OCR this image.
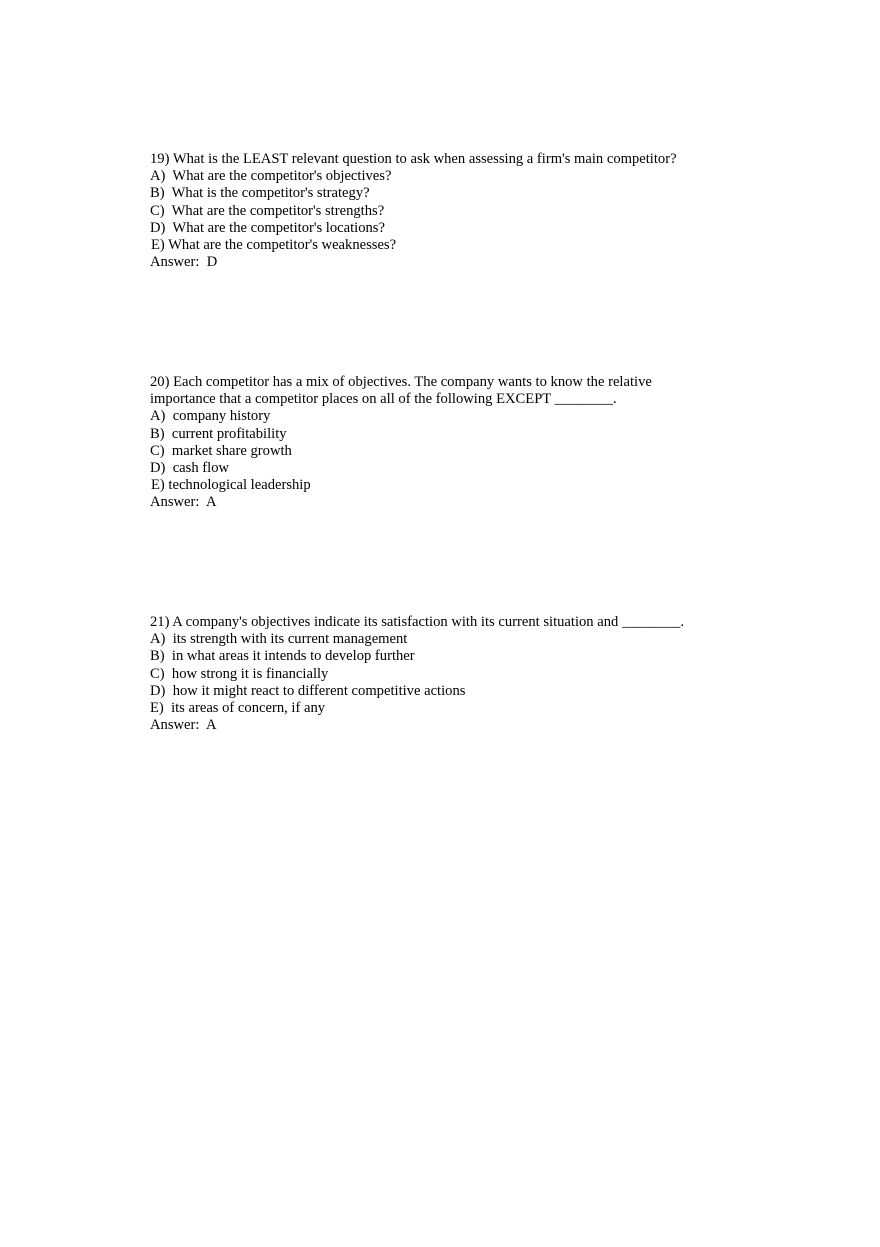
19) What is the LEAST relevant question to ask when assessing a firm's main competitor?
A)  What are the competitor's objectives?
B)  What is the competitor's strategy?
C)  What are the competitor's strengths?
D)  What are the competitor's locations?
E) What are the competitor's weaknesses?
Answer:  D
20) Each competitor has a mix of objectives. The company wants to know the relative
importance that a competitor places on all of the following EXCEPT ________.
A)  company history
B)  current profitability
C)  market share growth
D)  cash flow
E) technological leadership
Answer:  A
21) A company's objectives indicate its satisfaction with its current situation and ________.
A)  its strength with its current management
B)  in what areas it intends to develop further
C)  how strong it is financially
D)  how it might react to different competitive actions
E)  its areas of concern, if any
Answer:  A
